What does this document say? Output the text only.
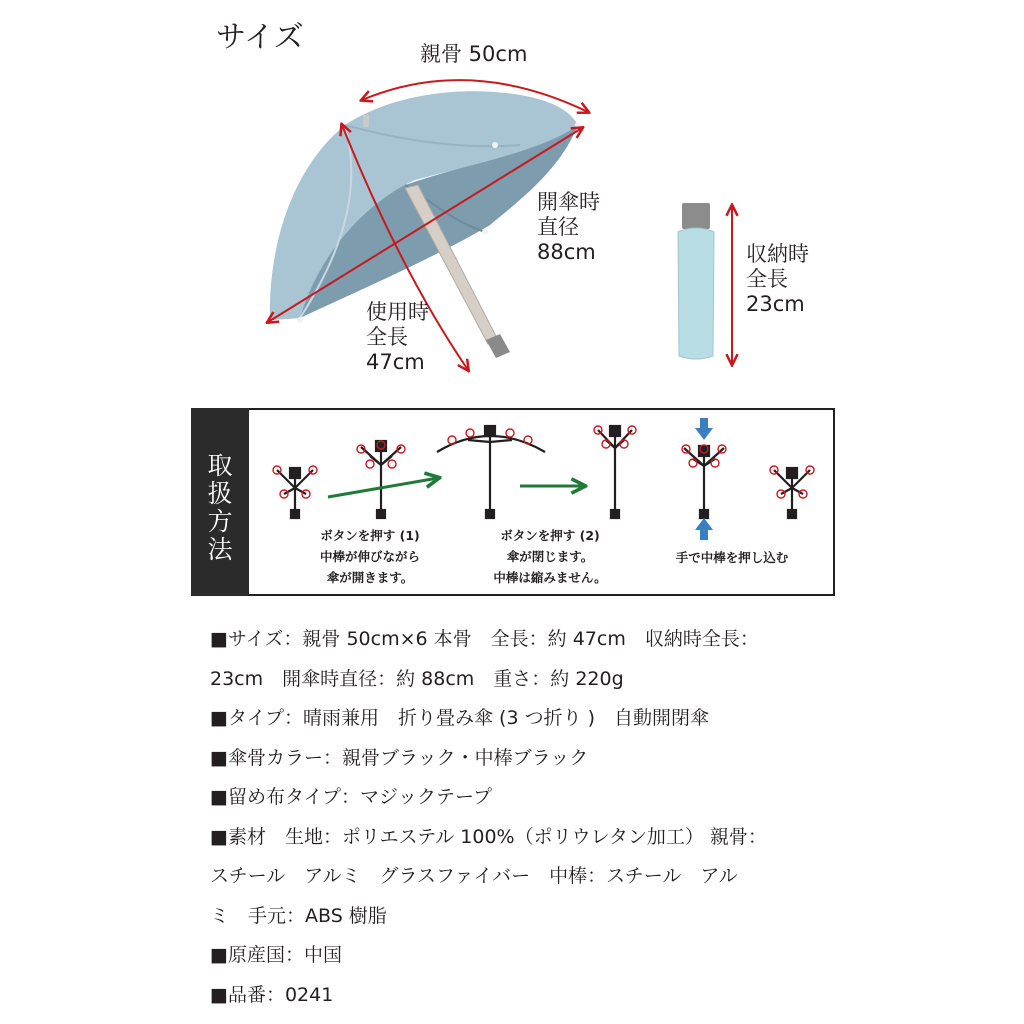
サイズ	親骨 50cm
開傘時
直径
88cm
使用時
全長
47cm
収納時
全長
23cm
取
扱
方
法	ボタンを押す (1)
中棒が伸びながら
傘が開きます。
ボタンを押す (2)
傘が閉じます。
中棒は縮みません。
手で中棒を押し込む
■サイズ：親骨 50cm×6 本骨　全長：約 47cm　収納時全長：
23cm　開傘時直径：約 88cm　重さ：約 220g
■タイプ：晴雨兼用　折り畳み傘 (3 つ折り )　自動開閉傘
■傘骨カラー：親骨ブラック・中棒ブラック
■留め布タイプ：マジックテープ
■素材　生地：ポリエステル 100%（ポリウレタン加工） 親骨：
スチール　アルミ　グラスファイバー　中棒：スチール　アル
ミ　手元：ABS 樹脂
■原産国：中国
■品番：0241
